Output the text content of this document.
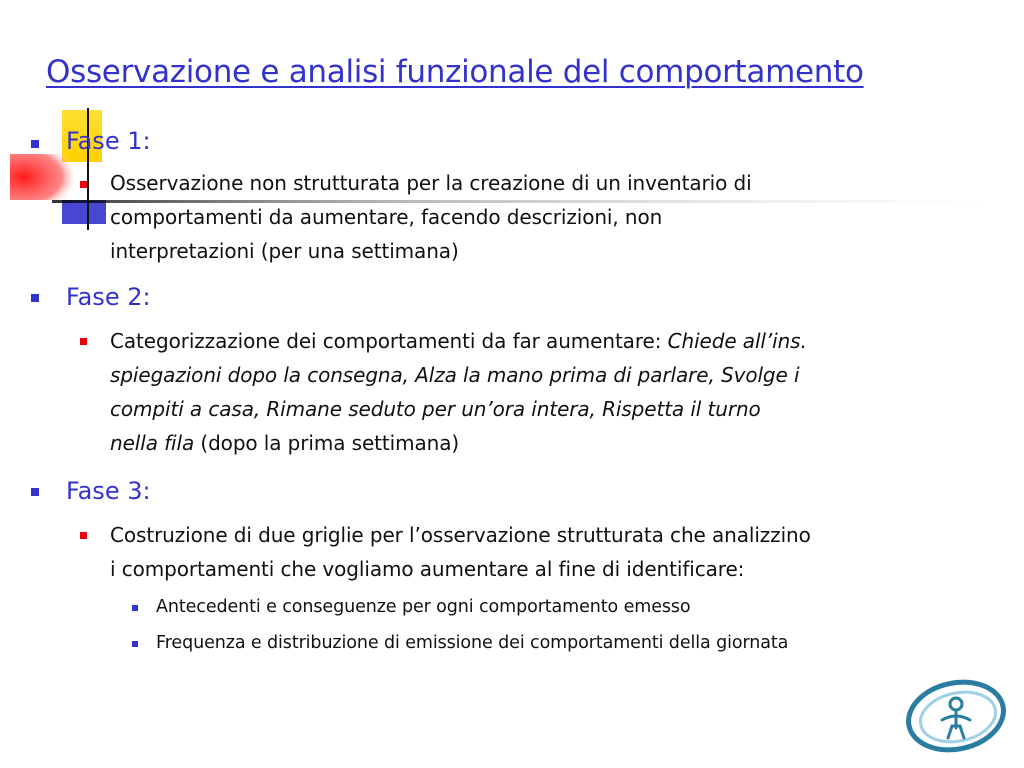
Osservazione e analisi funzionale del comportamento
Fase 1:
Osservazione non strutturata per la creazione di un inventario di
comportamenti da aumentare, facendo descrizioni, non
interpretazioni (per una settimana)
Fase 2:
Categorizzazione dei comportamenti da far aumentare: Chiede all’ins.
spiegazioni dopo la consegna, Alza la mano prima di parlare, Svolge i
compiti a casa, Rimane seduto per un’ora intera, Rispetta il turno
nella fila (dopo la prima settimana)
Fase 3:
Costruzione di due griglie per l’osservazione strutturata che analizzino
i comportamenti che vogliamo aumentare al fine di identificare:
Antecedenti e conseguenze per ogni comportamento emesso
Frequenza e distribuzione di emissione dei comportamenti della giornata
